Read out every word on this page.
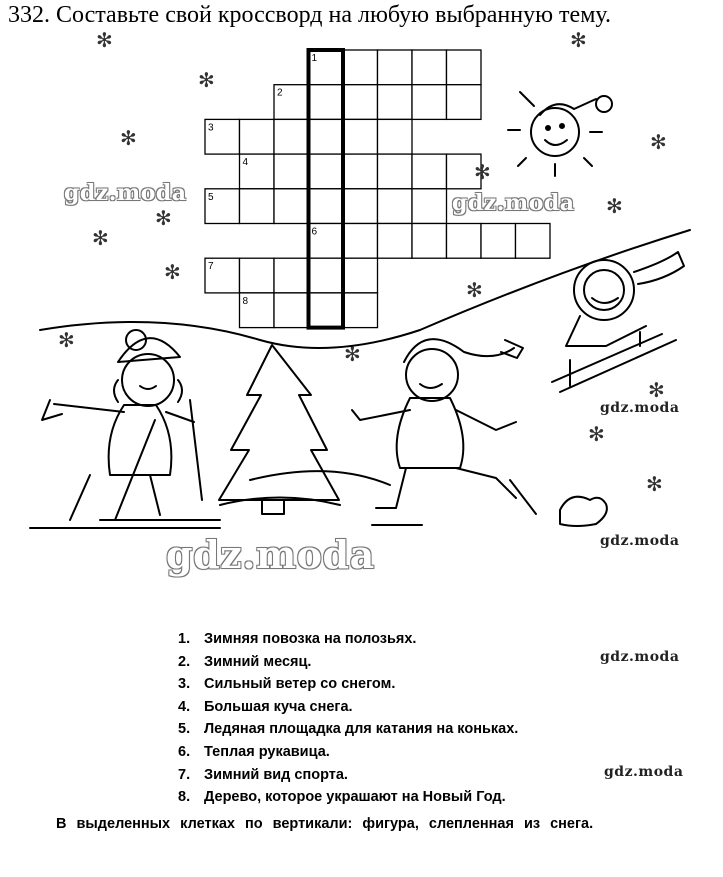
332. Составьте свой кроссворд на любую выбранную тему.
1
2
3
4
5
6
7
8
✻
✻
✻
✻
✻
✻
✻
✻
✻
✻
✻
✻
✻
✻
✻
✻
gdz.moda	gdz.moda
gdz.moda
gdz.moda	gdz.moda
gdz.moda
gdz.moda
1. Зимняя повозка на полозьях.
2. Зимний месяц.
3. Сильный ветер со снегом.
4. Большая куча снега.
5. Ледяная площадка для катания на коньках.
6. Теплая рукавица.
7. Зимний вид спорта.
8. Дерево, которое украшают на Новый Год.
В выделенных клетках по вертикали: фигура, слепленная из снега.
